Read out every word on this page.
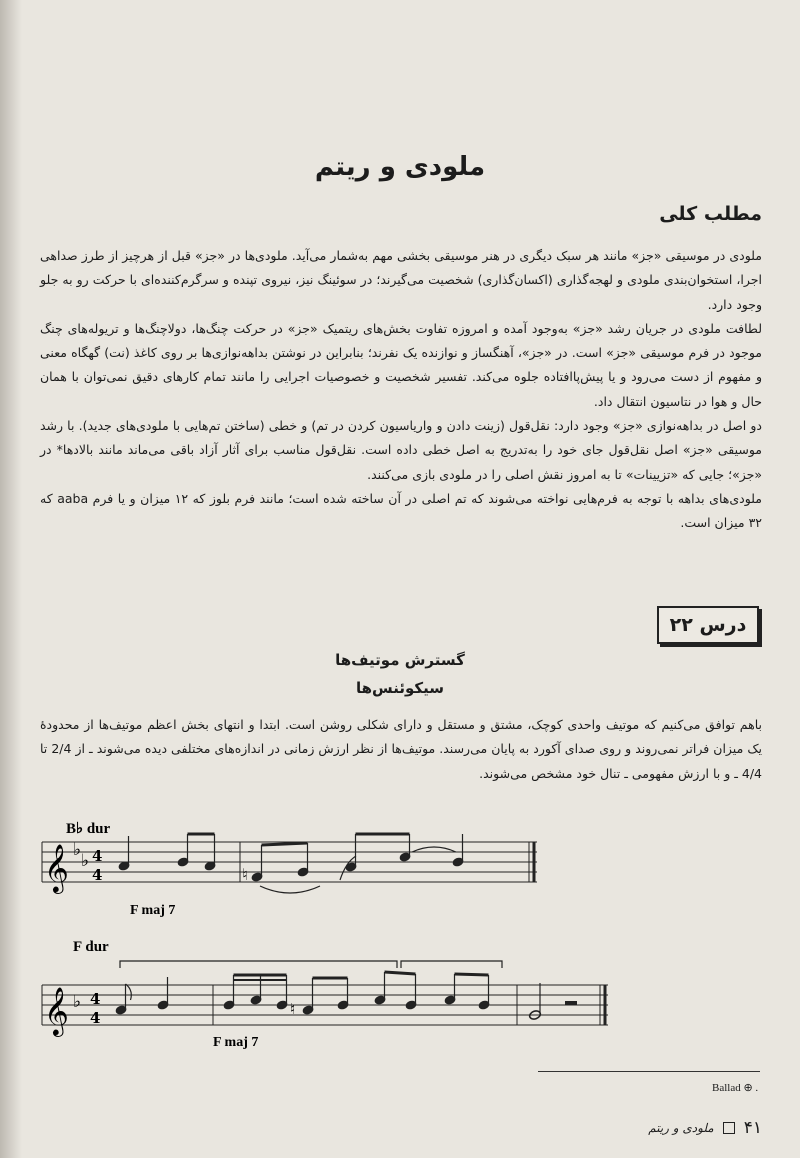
ملودی و ریتم
مطلب کلی

ملودی در موسیقی «جز» مانند هر سبک دیگری در هنر موسیقی بخشی مهم به‌شمار می‌آید. ملودی‌ها در «جز» قبل از هرچیز از طرز صداهی اجرا، استخوان‌بندی ملودی و لهجه‌گذاری (اکسان‌گذاری) شخصیت می‌گیرند؛ در سوئینگ نیز، نیروی تپنده و سرگرم‌کننده‌ای با حرکت رو به جلو وجود دارد.

لطافت ملودی در جریان رشد «جز» به‌وجود آمده و امروزه تفاوت بخش‌های ریتمیک «جز» در حرکت چنگ‌ها، دولاچنگ‌ها و تریوله‌های چنگ موجود در فرم موسیقی «جز» است. در «جز»، آهنگساز و نوازنده یک نفرند؛ بنابراین در نوشتن بداهه‌نوازی‌ها بر روی کاغذ (نت) گهگاه معنی و مفهوم از دست می‌رود و یا پیش‌پاافتاده جلوه می‌کند. تفسیر شخصیت و خصوصیات اجرایی را مانند تمام کارهای دقیق نمی‌توان با همان حال و هوا در نتاسیون انتقال داد.

دو اصل در بداهه‌نوازی «جز» وجود دارد: نقل‌قول (زینت دادن و واریاسیون کردن در تم) و خطی (ساختن تم‌هایی با ملودی‌های جدید). با رشد موسیقی «جز» اصل نقل‌قول جای خود را به‌تدریج به اصل خطی داده است. نقل‌قول مناسب برای آثار آزاد باقی می‌ماند مانند بالادها* در «جز»؛ جایی که «تزیینات» تا به امروز نقش اصلی را در ملودی بازی می‌کنند.

ملودی‌های بداهه با توجه به فرم‌هایی نواخته می‌شوند که تم اصلی در آن ساخته شده است؛ مانند فرم بلوز که ۱۲ میزان و یا فرم aaba که ۳۲ میزان است.

درس ۲۲
گسترش موتیف‌ها
سیکوئنس‌ها

باهم توافق می‌کنیم که موتیف واحدی کوچک، مشتق و مستقل و دارای شکلی روشن است. ابتدا و انتهای بخش اعظم موتیف‌ها از محدودهٔ یک میزان فراتر نمی‌روند و روی صدای آکورد به پایان می‌رسند. موتیف‌ها از نظر ارزش زمانی در اندازه‌های مختلفی دیده می‌شوند ـ از 2/4 تا 4/4 ـ و با ارزش مفهومی ـ تنال خود مشخص می‌شوند.

B♭ dur
𝄞 ♭
♭ 4
4	♮
F maj 7
F dur
𝄞 ♭ 4
4	♮
F maj 7
Ballad ⊕ .
ملودی و ریتم ۴۱
